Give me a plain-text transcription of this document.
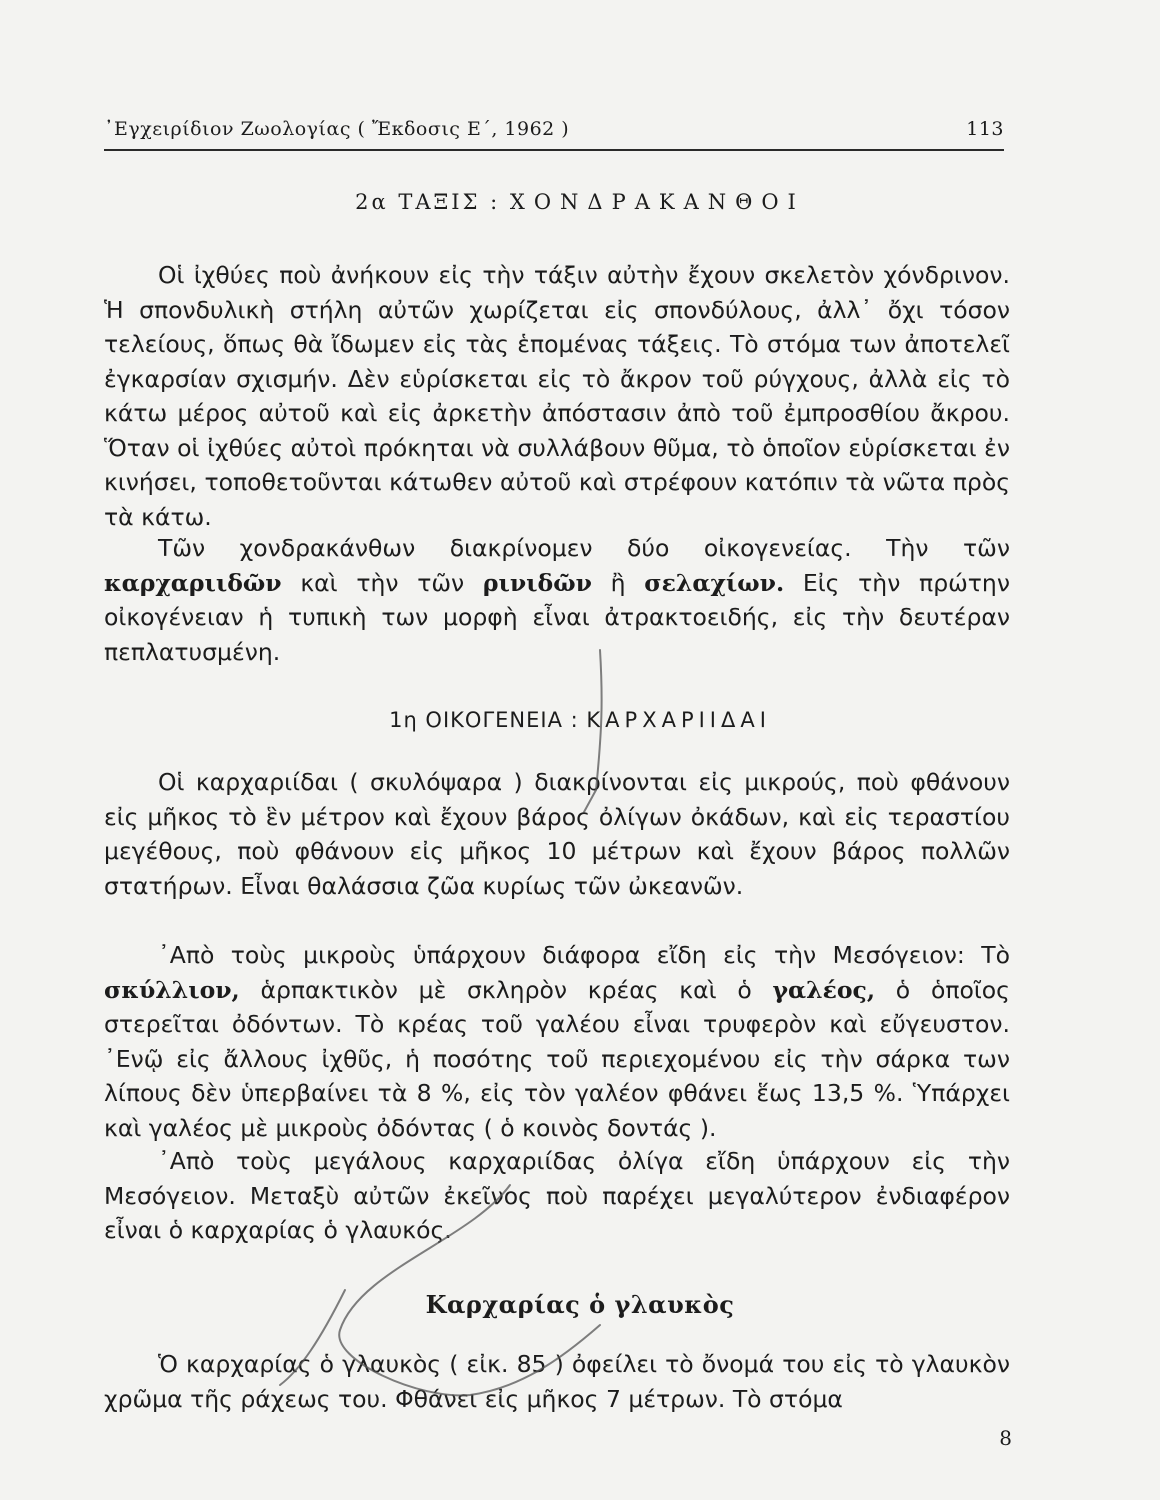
᾿Εγχειρίδιον Ζωολογίας ( Ἔκδοσις Ε΄, 1962 )	113
2α ΤΑΞΙΣ : ΧΟΝΔΡΑΚΑΝΘΟΙ
Οἱ ἰχθύες ποὺ ἀνήκουν εἰς τὴν τάξιν αὐτὴν ἔχουν σκελετὸν χόνδρινον. Ἡ σπονδυλικὴ στήλη αὐτῶν χωρίζεται εἰς σπονδύλους, ἀλλ᾿ ὄχι τόσον τελείους, ὅπως θὰ ἴδωμεν εἰς τὰς ἑπομένας τάξεις. Τὸ στόμα των ἀποτελεῖ ἐγκαρσίαν σχισμήν. Δὲν εὑρίσκεται εἰς τὸ ἄκρον τοῦ ρύγχους, ἀλλὰ εἰς τὸ κάτω μέρος αὐτοῦ καὶ εἰς ἀρκετὴν ἀπόστασιν ἀπὸ τοῦ ἐμπροσθίου ἄκρου. Ὅταν οἱ ἰχθύες αὐτοὶ πρόκηται νὰ συλλάβουν θῦμα, τὸ ὁποῖον εὑρίσκεται ἐν κινήσει, τοποθετοῦνται κάτωθεν αὐτοῦ καὶ στρέφουν κατόπιν τὰ νῶτα πρὸς τὰ κάτω.
Τῶν χονδρακάνθων διακρίνομεν δύο οἰκογενείας. Τὴν τῶν καρχαριιδῶν καὶ τὴν τῶν ρινιδῶν ἢ σελαχίων. Εἰς τὴν πρώτην οἰκογένειαν ἡ τυπικὴ των μορφὴ εἶναι ἀτρακτοειδής, εἰς τὴν δευτέραν πεπλατυσμένη.
1η ΟΙΚΟΓΕΝΕΙΑ : ΚΑΡΧΑΡΙΙΔΑΙ
Οἱ καρχαριίδαι ( σκυλόψαρα ) διακρίνονται εἰς μικρούς, ποὺ φθάνουν εἰς μῆκος τὸ ἓν μέτρον καὶ ἔχουν βάρος ὀλίγων ὀκάδων, καὶ εἰς τεραστίου μεγέθους, ποὺ φθάνουν εἰς μῆκος 10 μέτρων καὶ ἔχουν βάρος πολλῶν στατήρων. Εἶναι θαλάσσια ζῶα κυρίως τῶν ὠκεανῶν.
᾿Απὸ τοὺς μικροὺς ὑπάρχουν διάφορα εἴδη εἰς τὴν Μεσόγειον: Τὸ σκύλλιον, ἁρπακτικὸν μὲ σκληρὸν κρέας καὶ ὁ γαλέος, ὁ ὁποῖος στερεῖται ὀδόντων. Τὸ κρέας τοῦ γαλέου εἶναι τρυφερὸν καὶ εὔγευστον. ᾿Ενῷ εἰς ἄλλους ἰχθῦς, ἡ ποσότης τοῦ περιεχομένου εἰς τὴν σάρκα των λίπους δὲν ὑπερβαίνει τὰ 8 %, εἰς τὸν γαλέον φθάνει ἕως 13,5 %. Ὑπάρχει καὶ γαλέος μὲ μικροὺς ὀδόντας ( ὁ κοινὸς δοντάς ).
᾿Απὸ τοὺς μεγάλους καρχαριίδας ὀλίγα εἴδη ὑπάρχουν εἰς τὴν Μεσόγειον. Μεταξὺ αὐτῶν ἐκεῖνος ποὺ παρέχει μεγαλύτερον ἐνδιαφέρον εἶναι ὁ καρχαρίας ὁ γλαυκός.
Καρχαρίας ὁ γλαυκὸς
Ὁ καρχαρίας ὁ γλαυκὸς ( εἰκ. 85 ) ὀφείλει τὸ ὄνομά του εἰς τὸ γλαυκὸν χρῶμα τῆς ράχεως του. Φθάνει εἰς μῆκος 7 μέτρων. Τὸ στόμα
8
